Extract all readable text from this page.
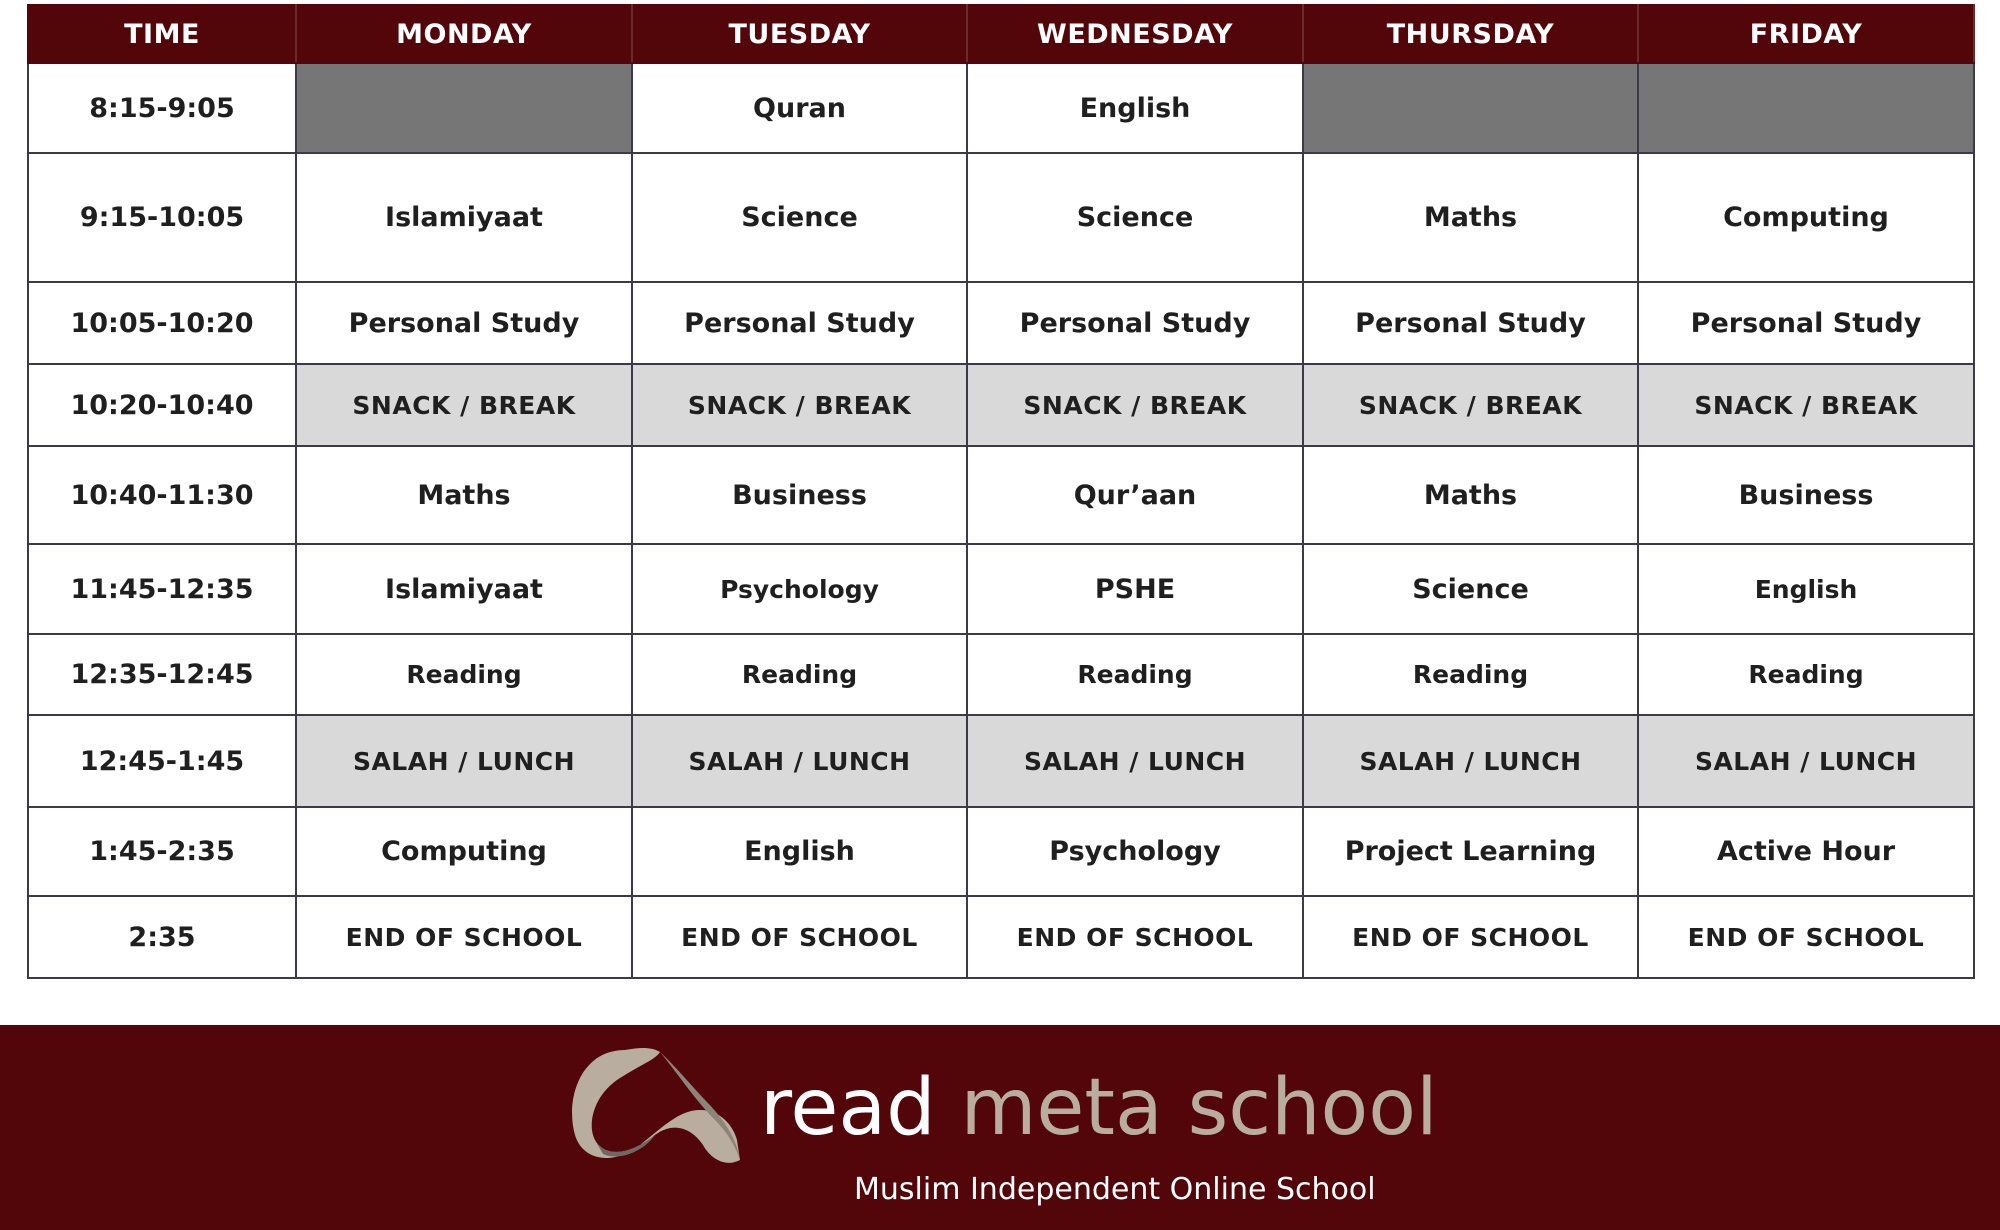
TIME	MONDAY	TUESDAY	WEDNESDAY	THURSDAY	FRIDAY
8:15-9:05		Quran	English		
9:15-10:05	Islamiyaat	Science	Science	Maths	Computing
10:05-10:20	Personal Study	Personal Study	Personal Study	Personal Study	Personal Study
10:20-10:40	SNACK / BREAK	SNACK / BREAK	SNACK / BREAK	SNACK / BREAK	SNACK / BREAK
10:40-11:30	Maths	Business	Qur’aan	Maths	Business
11:45-12:35	Islamiyaat	Psychology	PSHE	Science	English
12:35-12:45	Reading	Reading	Reading	Reading	Reading
12:45-1:45	SALAH / LUNCH	SALAH / LUNCH	SALAH / LUNCH	SALAH / LUNCH	SALAH / LUNCH
1:45-2:35	Computing	English	Psychology	Project Learning	Active Hour
2:35	END OF SCHOOL	END OF SCHOOL	END OF SCHOOL	END OF SCHOOL	END OF SCHOOL
read meta school
Muslim Independent Online School
